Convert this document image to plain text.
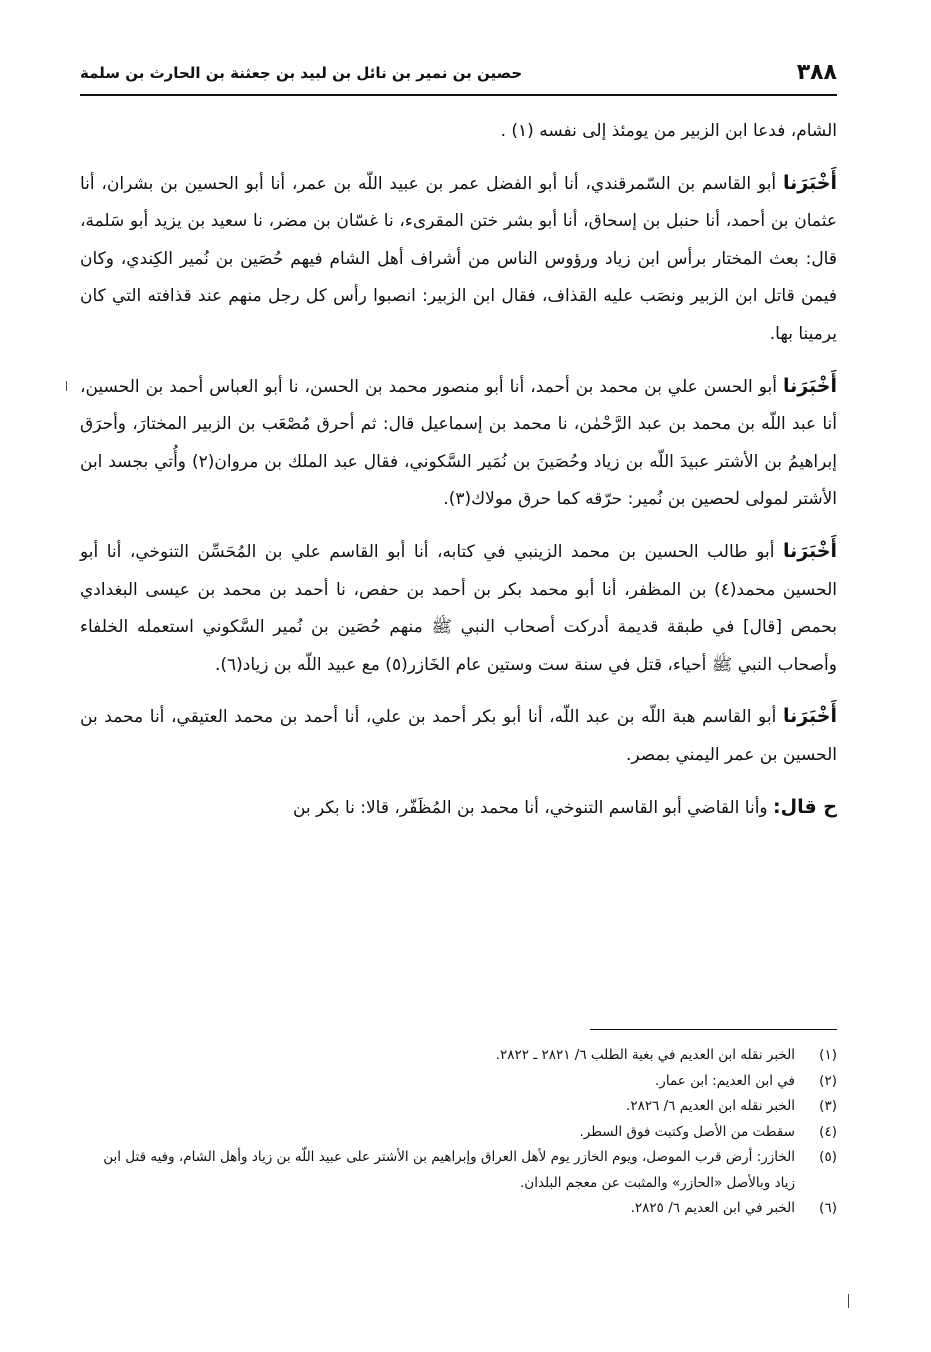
٣٨٨
حصين بن نمير بن نائل بن لبيد بن جعثنة بن الحارث بن سلمة

الشام، فدعا ابن الزبير من يومئذ إلى نفسه (١) .

أَخْبَرَنا أبو القاسم بن السّمرقندي، أنا أبو الفضل عمر بن عبيد اللّه بن عمر، أنا أبو الحسين بن بشران، أنا عثمان بن أحمد، أنا حنبل بن إسحاق، أنا أبو بشر ختن المقرىء، نا غسّان بن مضر، نا سعيد بن يزيد أبو سَلمة، قال: بعث المختار برأس ابن زياد ورؤوس الناس من أشراف أهل الشام فيهم حُصَين بن نُمير الكِندي، وكان فيمن قاتل ابن الزبير ونصَب عليه القذاف، فقال ابن الزبير: انصبوا رأس كل رجل منهم عند قذافته التي كان يرمينا بها.

أَخْبَرَنا أبو الحسن علي بن محمد بن أحمد، أنا أبو منصور محمد بن الحسن، نا أبو العباس أحمد بن الحسين، أنا عبد اللّه بن محمد بن عبد الرَّحْمٰن، نا محمد بن إسماعيل قال: ثم أحرق مُصْعَب بن الزبير المختارَ، وأحرَق إبراهيمُ بن الأشتر عبيدَ اللّه بن زياد وحُصَينَ بن نُمَير السَّكوني، فقال عبد الملك بن مروان(٢) وأُتي بجسد ابن الأشتر لمولى لحصين بن نُمير: حرّقه كما حرق مولاك(٣).

أَخْبَرَنا أبو طالب الحسين بن محمد الزينبي في كتابه، أنا أبو القاسم علي بن المُحَسِّن التنوخي، أنا أبو الحسين محمد(٤) بن المظفر، أنا أبو محمد بكر بن أحمد بن حفص، نا أحمد بن محمد بن عيسى البغدادي بحمص [قال] في طبقة قديمة أدركت أصحاب النبي ﷺ منهم حُصَين بن نُمير السَّكوني استعمله الخلفاء وأصحاب النبي ﷺ أحياء، قتل في سنة ست وستين عام الخَازر(٥) مع عبيد اللّه بن زياد(٦).

أَخْبَرَنا أبو القاسم هبة اللّه بن عبد اللّه، أنا أبو بكر أحمد بن علي، أنا أحمد بن محمد العتيقي، أنا محمد بن الحسين بن عمر اليمني بمصر.

ح قال: وأنا القاضي أبو القاسم التنوخي، أنا محمد بن المُظَفّر، قالا: نا بكر بن

(١)
الخبر نقله ابن العديم في بغية الطلب ٦/ ٢٨٢١ ـ ٢٨٢٢.
(٢)
في ابن العديم: ابن عمار.
(٣)
الخبر نقله ابن العديم ٦/ ٢٨٢٦.
(٤)
سقطت من الأصل وكتبت فوق السطر.
(٥)
الخازر: أرض قرب الموصل، ويوم الخازر يوم لأهل العراق وإبراهيم بن الأشتر على عبيد اللّه بن زياد وأهل الشام، وفيه قتل ابن زياد وبالأصل «الحازر» والمثبت عن معجم البلدان.
(٦)
الخبر في ابن العديم ٦/ ٢٨٢٥.
